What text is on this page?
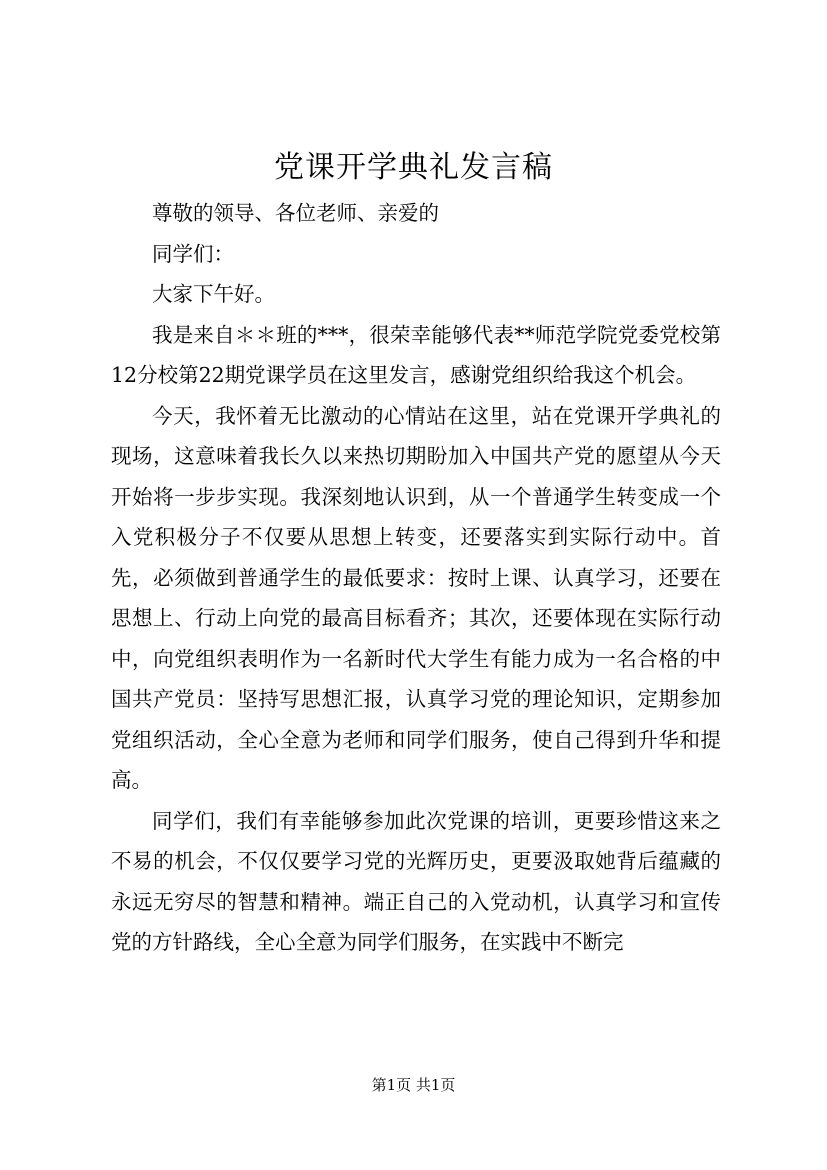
党课开学典礼发言稿

尊敬的领导、各位老师、亲爱的

同学们：

大家下午好。

我是来自＊＊班的***，很荣幸能够代表**师范学院党委党校第12分校第22期党课学员在这里发言，感谢党组织给我这个机会。

今天，我怀着无比激动的心情站在这里，站在党课开学典礼的现场，这意味着我长久以来热切期盼加入中国共产党的愿望从今天开始将一步步实现。我深刻地认识到，从一个普通学生转变成一个入党积极分子不仅要从思想上转变，还要落实到实际行动中。首先，必须做到普通学生的最低要求：按时上课、认真学习，还要在思想上、行动上向党的最高目标看齐；其次，还要体现在实际行动中，向党组织表明作为一名新时代大学生有能力成为一名合格的中国共产党员：坚持写思想汇报，认真学习党的理论知识，定期参加党组织活动，全心全意为老师和同学们服务，使自己得到升华和提高。

同学们，我们有幸能够参加此次党课的培训，更要珍惜这来之不易的机会，不仅仅要学习党的光辉历史，更要汲取她背后蕴藏的永远无穷尽的智慧和精神。端正自己的入党动机，认真学习和宣传党的方针路线，全心全意为同学们服务，在实践中不断完

第1页 共1页
